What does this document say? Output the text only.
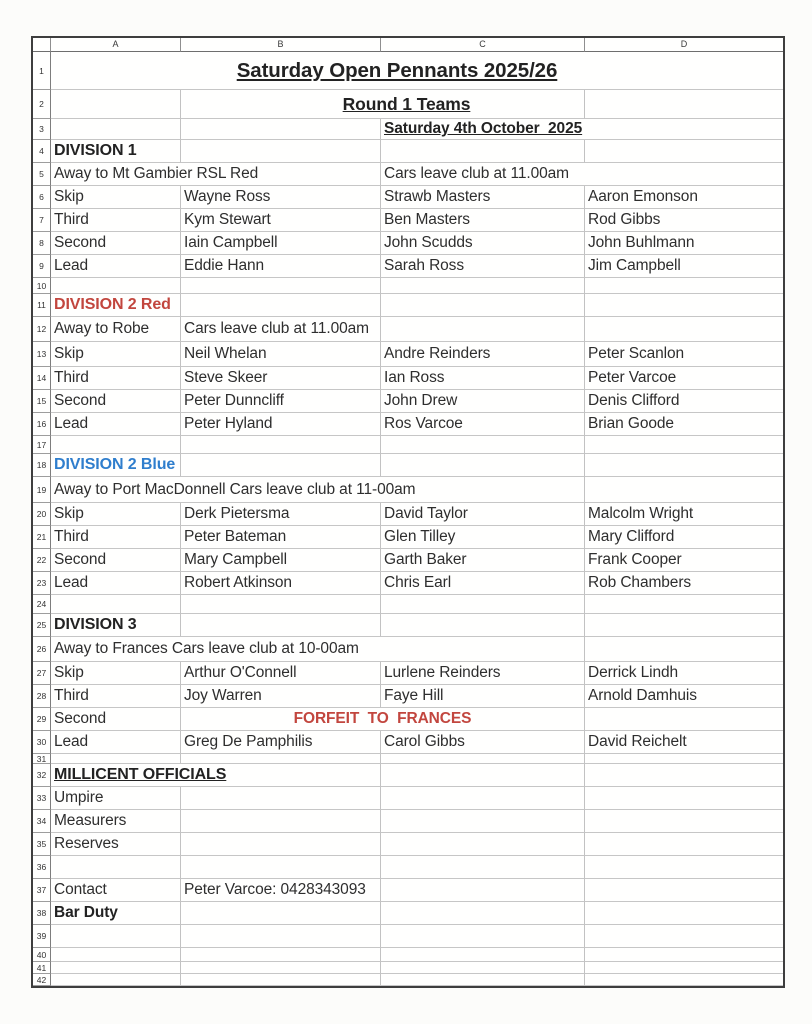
A	B	C	D
1	Saturday Open Pennants 2025/26
2	Round 1 Teams
3	Saturday 4th October  2025
4 DIVISION 1
5 Away to Mt Gambier RSL Red	Cars leave club at 11.00am
6 Skip	Wayne Ross	Strawb Masters	Aaron Emonson
7 Third	Kym Stewart	Ben Masters	Rod Gibbs
8 Second	Iain Campbell	John Scudds	John Buhlmann
9 Lead	Eddie Hann	Sarah Ross	Jim Campbell
10
11 DIVISION 2 Red
12 Away to Robe	Cars leave club at 11.00am
13 Skip	Neil Whelan	Andre Reinders	Peter Scanlon
14 Third	Steve Skeer	Ian Ross	Peter Varcoe
15 Second	Peter Dunncliff	John Drew	Denis Clifford
16 Lead	Peter Hyland	Ros Varcoe	Brian Goode
17
18 DIVISION 2 Blue
19 Away to Port MacDonnell Cars leave club at 11-00am
20 Skip	Derk Pietersma	David Taylor	Malcolm Wright
21 Third	Peter Bateman	Glen Tilley	Mary Clifford
22 Second	Mary Campbell	Garth Baker	Frank Cooper
23 Lead	Robert Atkinson	Chris Earl	Rob Chambers
24
25 DIVISION 3
26 Away to Frances Cars leave club at 10-00am
27 Skip	Arthur O'Connell	Lurlene Reinders	Derrick Lindh
28 Third	Joy Warren	Faye Hill	Arnold Damhuis
29 Second	FORFEIT  TO  FRANCES
30 Lead	Greg De Pamphilis	Carol Gibbs	David Reichelt
31
32 MILLICENT OFFICIALS
33 Umpire
34 Measurers
35 Reserves
36
37 Contact	Peter Varcoe: 0428343093
38 Bar Duty
39
40
41
42
